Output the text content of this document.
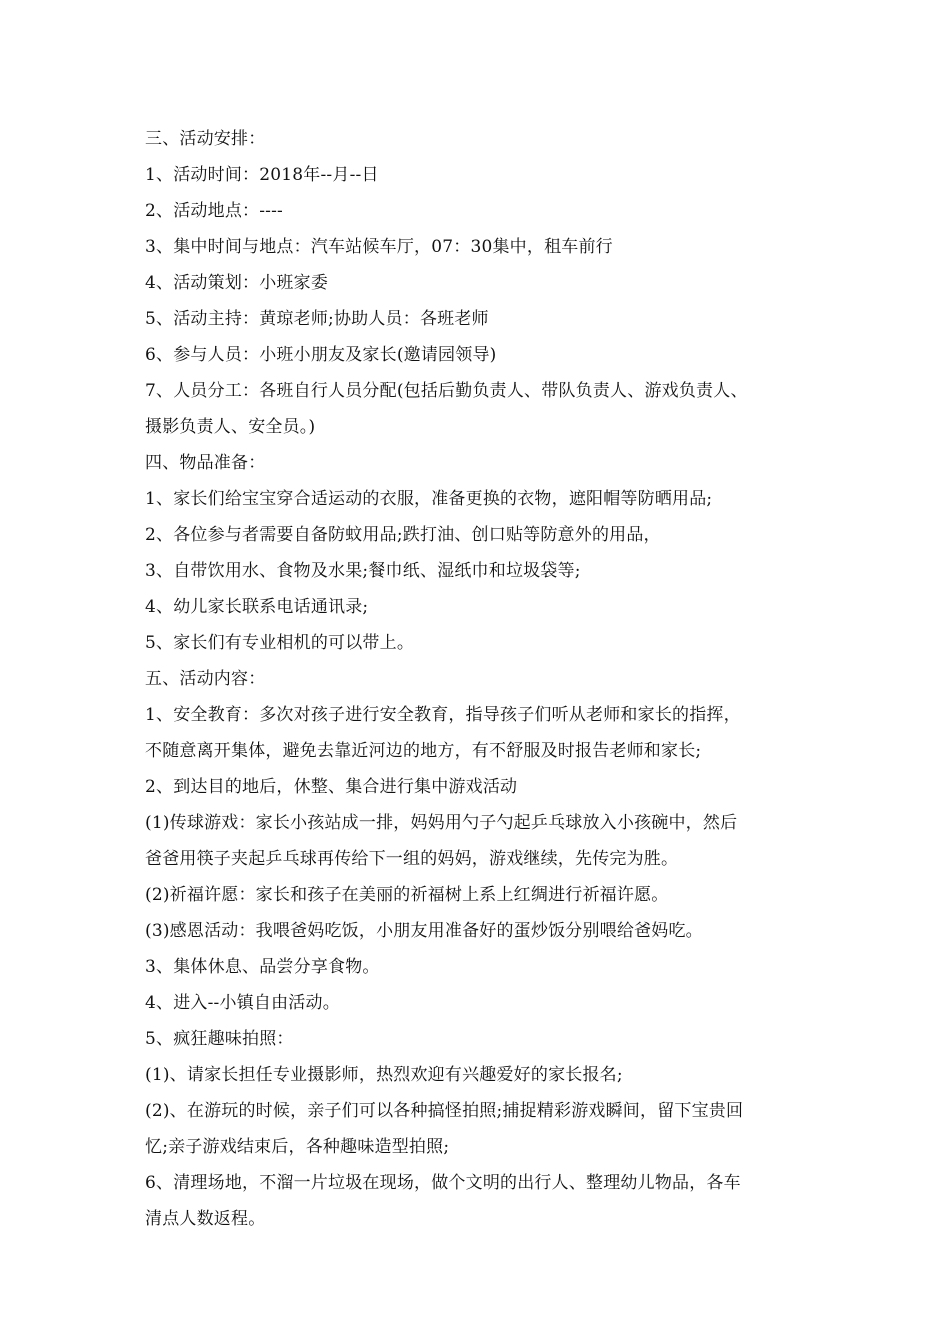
三、活动安排：
1、活动时间：2018年--月--日
2、活动地点：----
3、集中时间与地点：汽车站候车厅，07：30集中，租车前行
4、活动策划：小班家委
5、活动主持：黄琼老师;协助人员：各班老师
6、参与人员：小班小朋友及家长(邀请园领导)
7、人员分工：各班自行人员分配(包括后勤负责人、带队负责人、游戏负责人、
摄影负责人、安全员。)
四、物品准备：
1、家长们给宝宝穿合适运动的衣服，准备更换的衣物，遮阳帽等防晒用品;
2、各位参与者需要自备防蚊用品;跌打油、创口贴等防意外的用品，
3、自带饮用水、食物及水果;餐巾纸、湿纸巾和垃圾袋等;
4、幼儿家长联系电话通讯录;
5、家长们有专业相机的可以带上。
五、活动内容：
1、安全教育：多次对孩子进行安全教育，指导孩子们听从老师和家长的指挥，
不随意离开集体，避免去靠近河边的地方，有不舒服及时报告老师和家长;
2、到达目的地后，休整、集合进行集中游戏活动
(1)传球游戏：家长小孩站成一排，妈妈用勺子勺起乒乓球放入小孩碗中，然后
爸爸用筷子夹起乒乓球再传给下一组的妈妈，游戏继续，先传完为胜。
(2)祈福许愿：家长和孩子在美丽的祈福树上系上红绸进行祈福许愿。
(3)感恩活动：我喂爸妈吃饭，小朋友用准备好的蛋炒饭分别喂给爸妈吃。
3、集体休息、品尝分享食物。
4、进入--小镇自由活动。
5、疯狂趣味拍照：
(1)、请家长担任专业摄影师，热烈欢迎有兴趣爱好的家长报名;
(2)、在游玩的时候，亲子们可以各种搞怪拍照;捕捉精彩游戏瞬间，留下宝贵回
忆;亲子游戏结束后，各种趣味造型拍照;
6、清理场地，不溜一片垃圾在现场，做个文明的出行人、整理幼儿物品，各车
清点人数返程。
